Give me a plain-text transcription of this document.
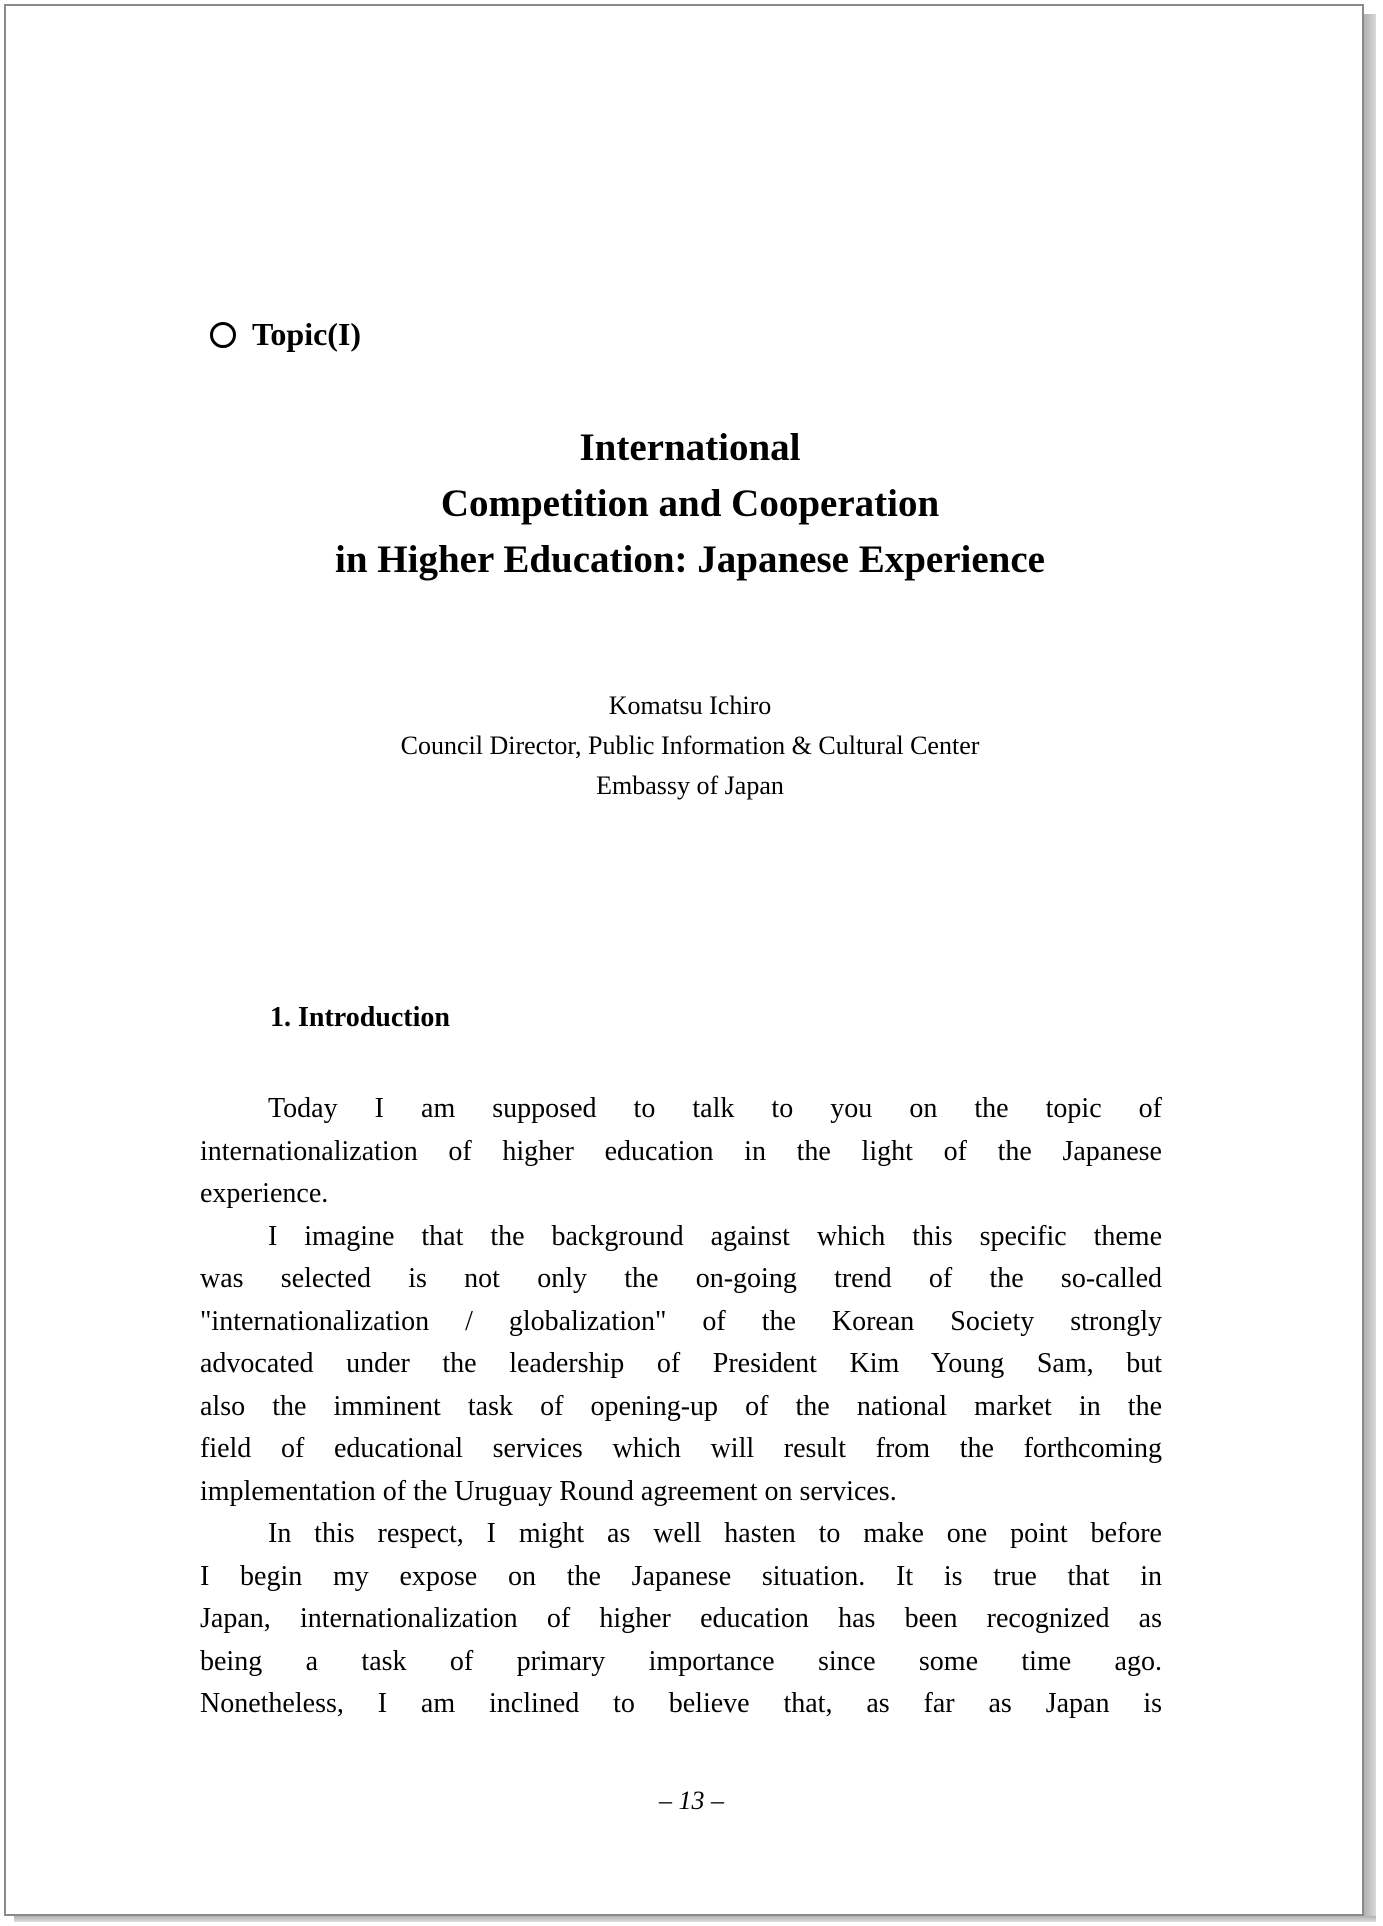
Topic(I)
International
Competition and Cooperation
in Higher Education: Japanese Experience
Komatsu Ichiro
Council Director, Public Information & Cultural Center
Embassy of Japan
1. Introduction

Today I am supposed to talk to you on the topic of
internationalization of higher education in the light of the Japanese
experience.

I imagine that the background against which this specific theme
was selected is not only the on-going trend of the so-called
"internationalization / globalization" of the Korean Society strongly
advocated under the leadership of President Kim Young Sam, but
also the imminent task of opening-up of the national market in the
field of educational services which will result from the forthcoming
implementation of the Uruguay Round agreement on services.

In this respect, I might as well hasten to make one point before
I begin my expose on the Japanese situation. It is true that in
Japan, internationalization of higher education has been recognized as
being a task of primary importance since some time ago.
Nonetheless, I am inclined to believe that, as far as Japan is

– 13 –
